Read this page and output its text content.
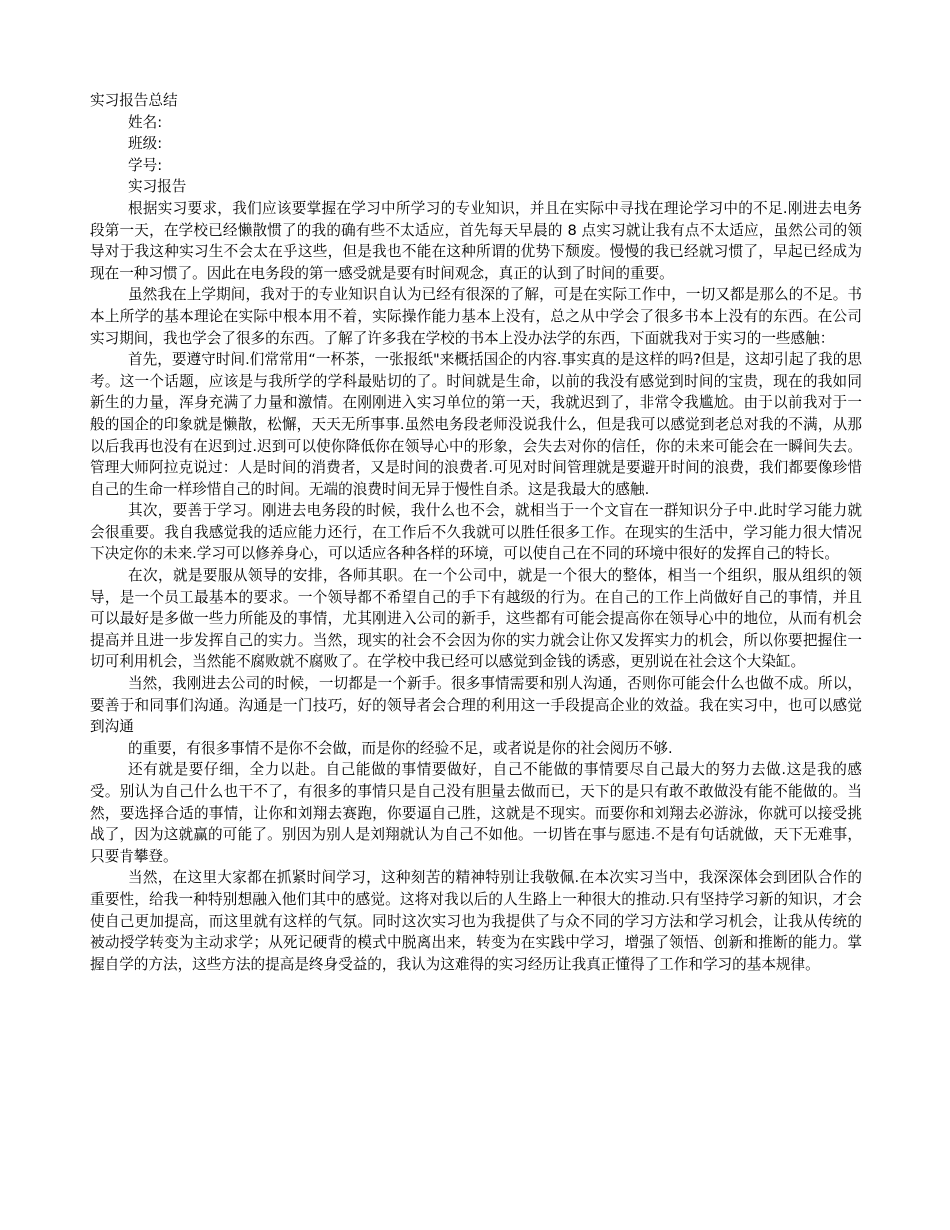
实习报告总结

姓名:

班级:

学号:

实习报告

根据实习要求，我们应该要掌握在学习中所学习的专业知识，并且在实际中寻找在理论学习中的不足.刚进去电务段第一天，在学校已经懒散惯了的我的确有些不太适应，首先每天早晨的 8 点实习就让我有点不太适应，虽然公司的领导对于我这种实习生不会太在乎这些，但是我也不能在这种所谓的优势下颓废。慢慢的我已经就习惯了，早起已经成为现在一种习惯了。因此在电务段的第一感受就是要有时间观念，真正的认到了时间的重要。

虽然我在上学期间，我对于的专业知识自认为已经有很深的了解，可是在实际工作中，一切又都是那么的不足。书本上所学的基本理论在实际中根本用不着，实际操作能力基本上没有，总之从中学会了很多书本上没有的东西。在公司实习期间，我也学会了很多的东西。了解了许多我在学校的书本上没办法学的东西，下面就我对于实习的一些感触：

首先，要遵守时间.们常常用“一杯茶，一张报纸"来概括国企的内容.事实真的是这样的吗?但是，这却引起了我的思考。这一个话题，应该是与我所学的学科最贴切的了。时间就是生命，以前的我没有感觉到时间的宝贵，现在的我如同新生的力量，浑身充满了力量和激情。在刚刚进入实习单位的第一天，我就迟到了，非常令我尴尬。由于以前我对于一般的国企的印象就是懒散，松懈，天天无所事事.虽然电务段老师没说我什么，但是我可以感觉到老总对我的不满，从那以后我再也没有在迟到过.迟到可以使你降低你在领导心中的形象，会失去对你的信任，你的未来可能会在一瞬间失去。管理大师阿拉克说过：人是时间的消费者，又是时间的浪费者.可见对时间管理就是要避开时间的浪费，我们都要像珍惜自己的生命一样珍惜自己的时间。无端的浪费时间无异于慢性自杀。这是我最大的感触.

其次，要善于学习。刚进去电务段的时候，我什么也不会，就相当于一个文盲在一群知识分子中.此时学习能力就会很重要。我自我感觉我的适应能力还行，在工作后不久我就可以胜任很多工作。在现实的生活中，学习能力很大情况下决定你的未来.学习可以修养身心，可以适应各种各样的环境，可以使自己在不同的环境中很好的发挥自己的特长。

在次，就是要服从领导的安排，各师其职。在一个公司中，就是一个很大的整体，相当一个组织，服从组织的领导，是一个员工最基本的要求。一个领导都不希望自己的手下有越级的行为。在自己的工作上尚做好自己的事情，并且可以最好是多做一些力所能及的事情，尤其刚进入公司的新手，这些都有可能会提高你在领导心中的地位，从而有机会提高并且进一步发挥自己的实力。当然，现实的社会不会因为你的实力就会让你又发挥实力的机会，所以你要把握住一切可利用机会，当然能不腐败就不腐败了。在学校中我已经可以感觉到金钱的诱惑，更别说在社会这个大染缸。

当然，我刚进去公司的时候，一切都是一个新手。很多事情需要和别人沟通，否则你可能会什么也做不成。所以，要善于和同事们沟通。沟通是一门技巧，好的领导者会合理的利用这一手段提高企业的效益。我在实习中，也可以感觉到沟通

的重要，有很多事情不是你不会做，而是你的经验不足，或者说是你的社会阅历不够.

还有就是要仔细，全力以赴。自己能做的事情要做好，自己不能做的事情要尽自己最大的努力去做.这是我的感受。别认为自己什么也干不了，有很多的事情只是自己没有胆量去做而已，天下的是只有敢不敢做没有能不能做的。当然，要选择合适的事情，让你和刘翔去赛跑，你要逼自己胜，这就是不现实。而要你和刘翔去必游泳，你就可以接受挑战了，因为这就赢的可能了。别因为别人是刘翔就认为自己不如他。一切皆在事与愿违.不是有句话就做，天下无难事，只要肯攀登。

当然，在这里大家都在抓紧时间学习，这种刻苦的精神特别让我敬佩.在本次实习当中，我深深体会到团队合作的重要性，给我一种特别想融入他们其中的感觉。这将对我以后的人生路上一种很大的推动.只有坚持学习新的知识，才会使自己更加提高，而这里就有这样的气氛。同时这次实习也为我提供了与众不同的学习方法和学习机会，让我从传统的被动授学转变为主动求学；从死记硬背的模式中脱离出来，转变为在实践中学习，增强了领悟、创新和推断的能力。掌握自学的方法，这些方法的提高是终身受益的，我认为这难得的实习经历让我真正懂得了工作和学习的基本规律。
